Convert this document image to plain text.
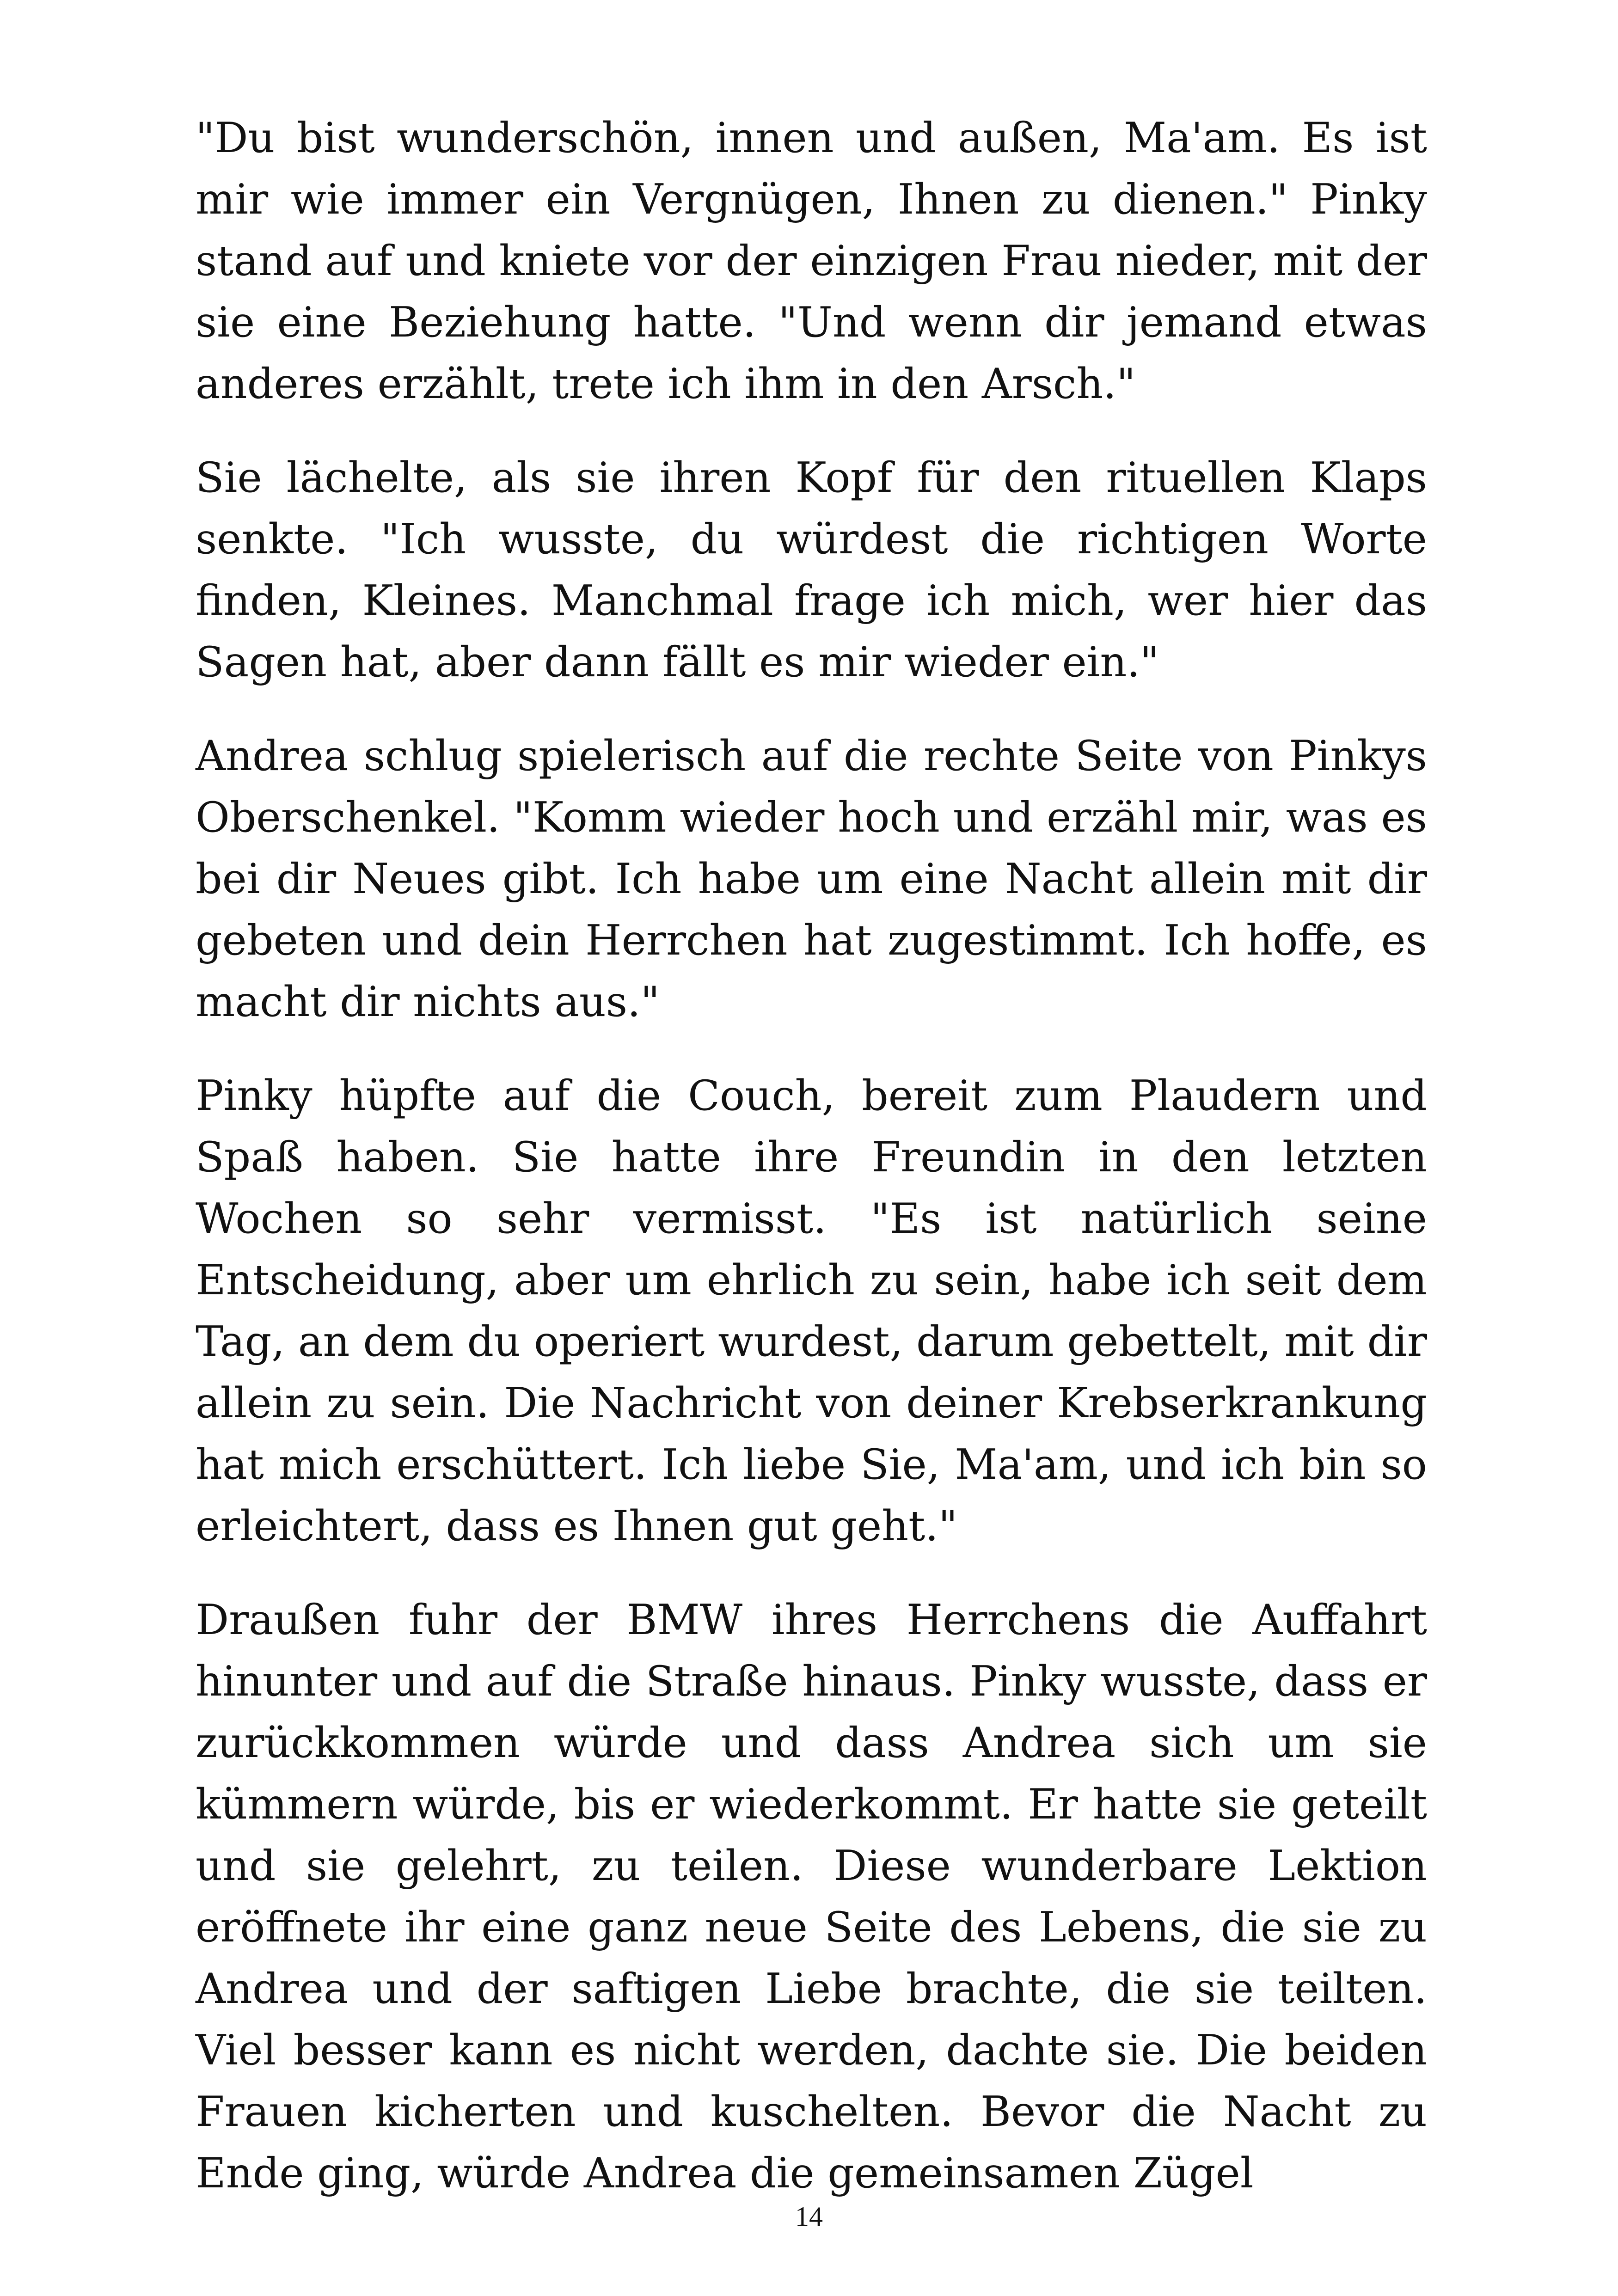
"Du bist wunderschön, innen und außen, Ma'am. Es ist mir wie immer ein Vergnügen, Ihnen zu dienen." Pinky stand auf und kniete vor der einzigen Frau nieder, mit der sie eine Beziehung hatte. "Und wenn dir jemand etwas anderes erzählt, trete ich ihm in den Arsch."

Sie lächelte, als sie ihren Kopf für den rituellen Klaps senkte. "Ich wusste, du würdest die richtigen Worte finden, Kleines. Manchmal frage ich mich, wer hier das Sagen hat, aber dann fällt es mir wieder ein."

Andrea schlug spielerisch auf die rechte Seite von Pinkys Oberschenkel. "Komm wieder hoch und erzähl mir, was es bei dir Neues gibt. Ich habe um eine Nacht allein mit dir gebeten und dein Herrchen hat zugestimmt. Ich hoffe, es macht dir nichts aus."

Pinky hüpfte auf die Couch, bereit zum Plaudern und Spaß haben. Sie hatte ihre Freundin in den letzten Wochen so sehr vermisst. "Es ist natürlich seine Entscheidung, aber um ehrlich zu sein, habe ich seit dem Tag, an dem du operiert wurdest, darum gebettelt, mit dir allein zu sein. Die Nachricht von deiner Krebserkrankung hat mich erschüttert. Ich liebe Sie, Ma'am, und ich bin so erleichtert, dass es Ihnen gut geht."

Draußen fuhr der BMW ihres Herrchens die Auffahrt hinunter und auf die Straße hinaus. Pinky wusste, dass er zurückkommen würde und dass Andrea sich um sie kümmern würde, bis er wiederkommt. Er hatte sie geteilt und sie gelehrt, zu teilen. Diese wunderbare Lektion eröffnete ihr eine ganz neue Seite des Lebens, die sie zu Andrea und der saftigen Liebe brachte, die sie teilten. Viel besser kann es nicht werden, dachte sie. Die beiden Frauen kicherten und kuschelten. Bevor die Nacht zu Ende ging, würde Andrea die gemeinsamen Zügel

14
